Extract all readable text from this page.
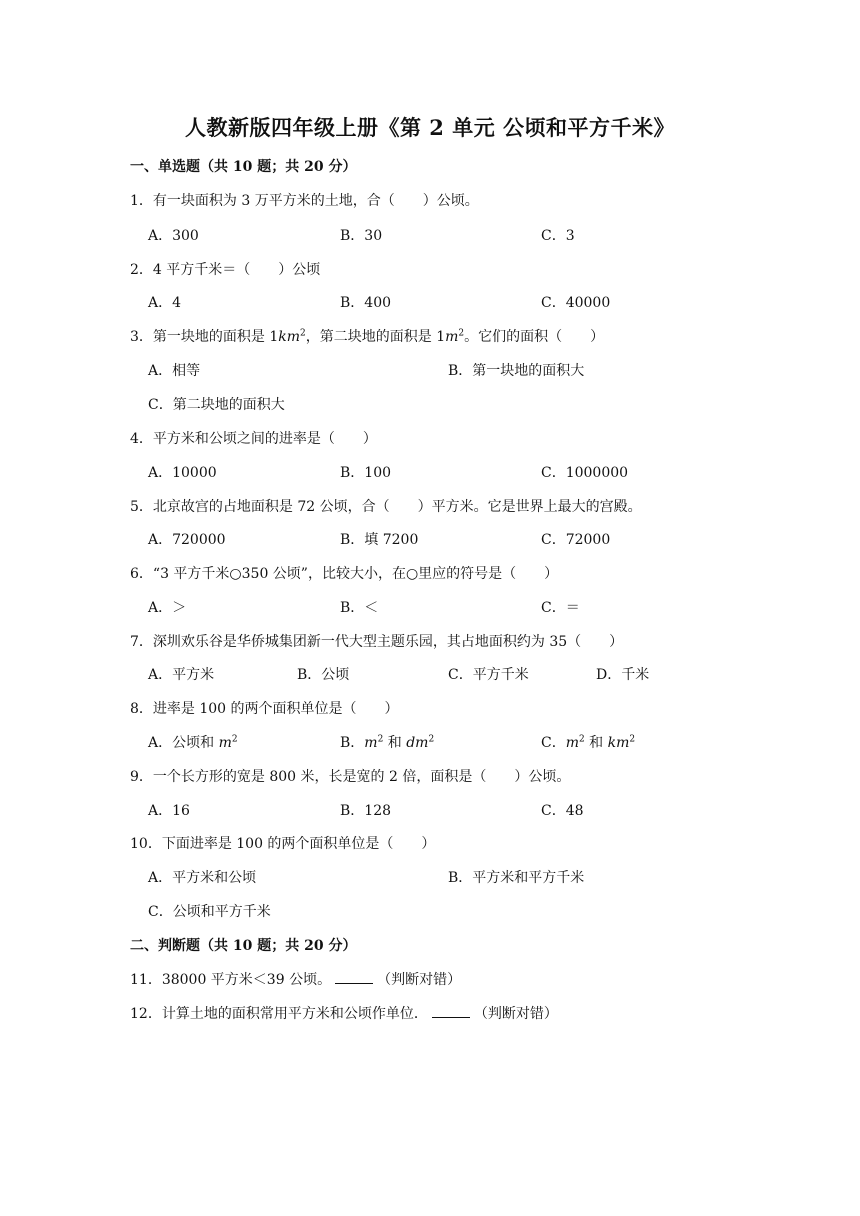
人教新版四年级上册《第 2 单元 公顷和平方千米》
一、单选题（共 10 题；共 20 分）
1．有一块面积为 3 万平方米的土地，合（　　）公顷。
A．300	B．30	C．3
2．4 平方千米＝（　　）公顷
A．4	B．400	C．40000
3．第一块地的面积是 $1km^2$，第二块地的面积是 $1m^2$。它们的面积（　　）
A．相等	B．第一块地的面积大
C．第二块地的面积大
4．平方米和公顷之间的进率是（　　）
A．10000	B．100	C．1000000
5．北京故宫的占地面积是 72 公顷，合（　　）平方米。它是世界上最大的宫殿。
A．720000	B．填 7200	C．72000
6．“3 平方千米○350 公顷”，比较大小，在○里应的符号是（　　）
A．＞	B．＜	C．＝
7．深圳欢乐谷是华侨城集团新一代大型主题乐园，其占地面积约为 35（　　）
A．平方米	B．公顷	C．平方千米	D．千米
8．进率是 100 的两个面积单位是（　　）
A．公顷和 $m^2$	B．$m^2$ 和 $dm^2$	C．$m^2$ 和 $km^2$
9．一个长方形的宽是 800 米，长是宽的 2 倍，面积是（　　）公顷。
A．16	B．128	C．48
10．下面进率是 100 的两个面积单位是（　　）
A．平方米和公顷	B．平方米和平方千米
C．公顷和平方千米
二、判断题（共 10 题；共 20 分）
11．38000 平方米＜39 公顷。	（判断对错）
12．计算土地的面积常用平方米和公顷作单位．	（判断对错）
